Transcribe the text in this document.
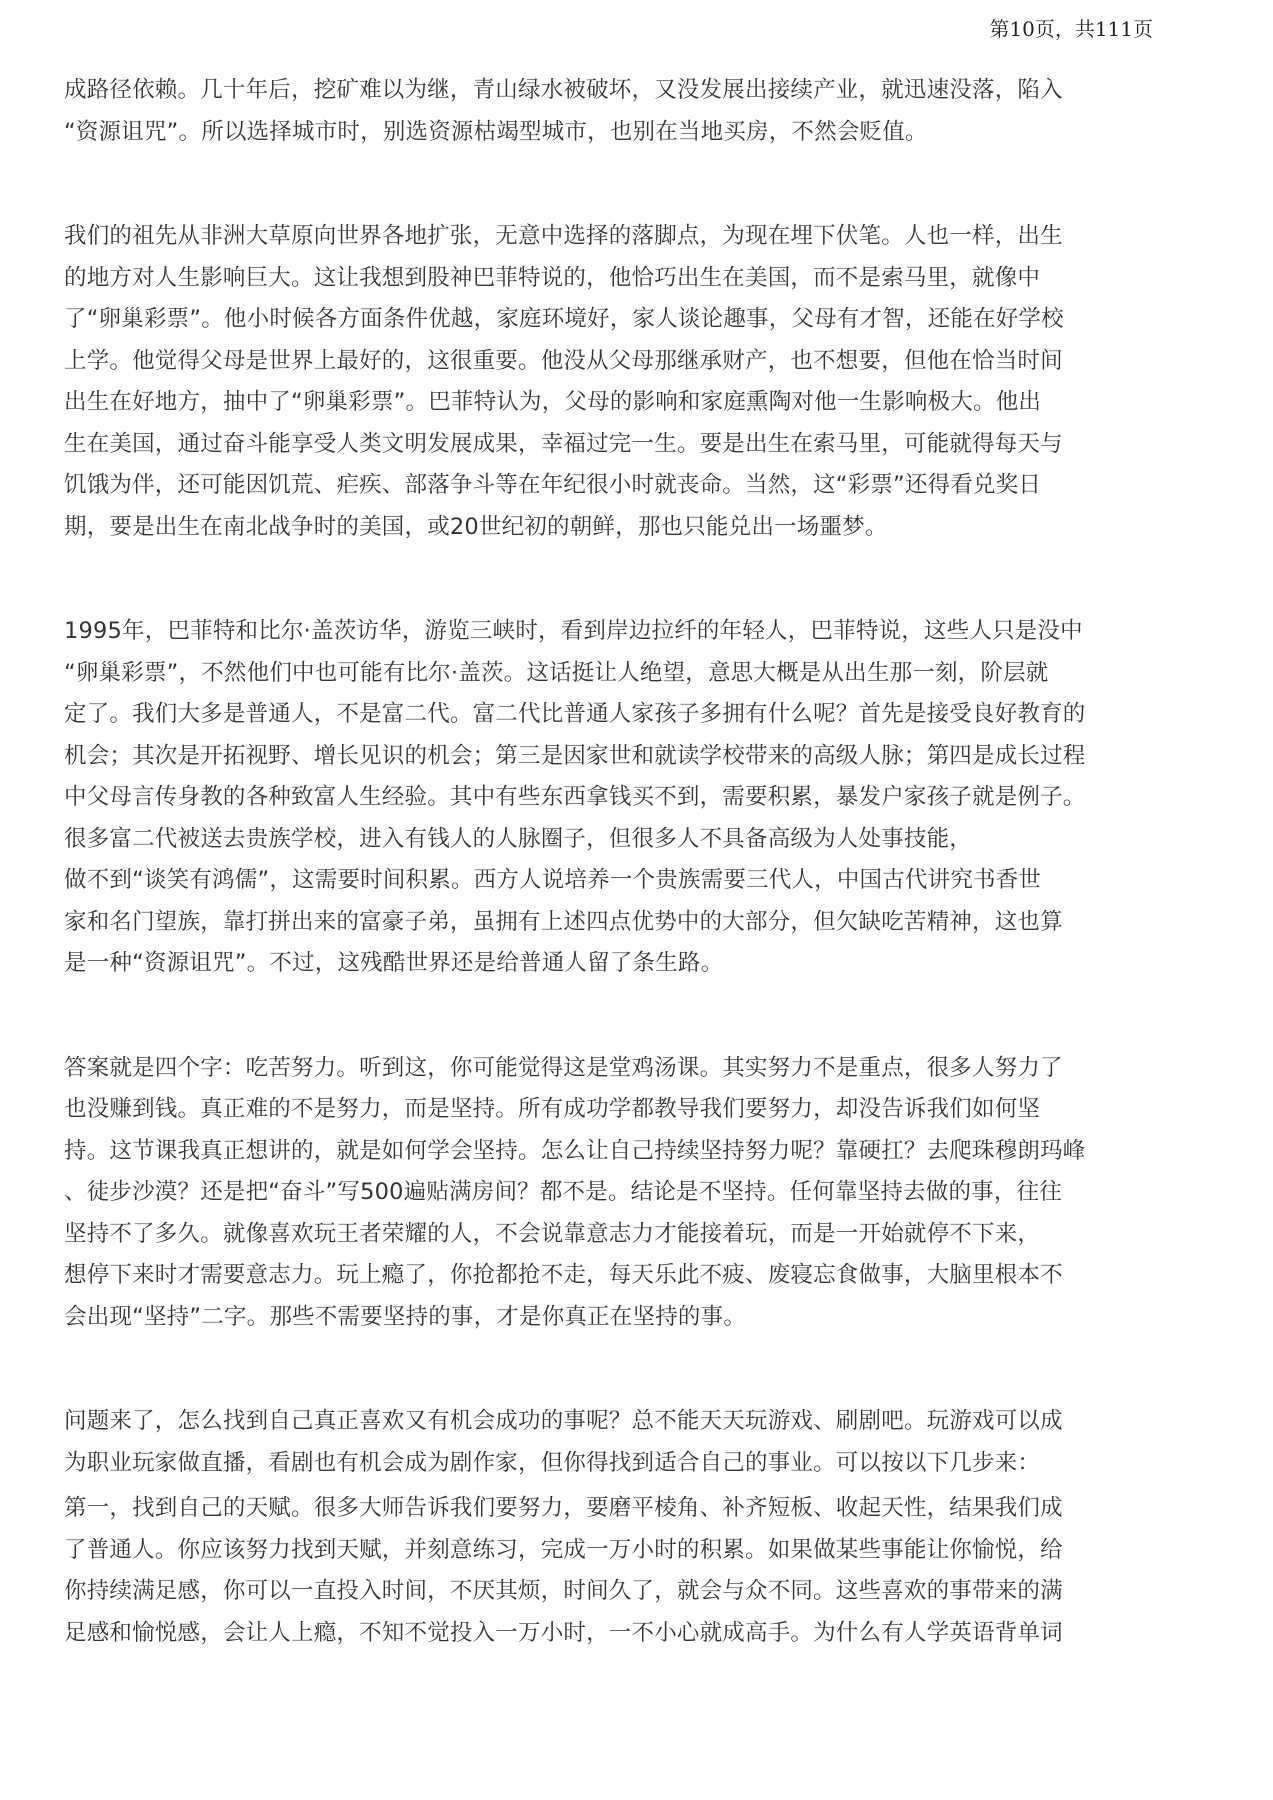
第10页，共111页

成路径依赖。几十年后，挖矿难以为继，青山绿水被破坏，又没发展出接续产业，就迅速没落，陷入
“资源诅咒”。所以选择城市时，别选资源枯竭型城市，也别在当地买房，不然会贬值。

我们的祖先从非洲大草原向世界各地扩张，无意中选择的落脚点，为现在埋下伏笔。人也一样，出生
的地方对人生影响巨大。这让我想到股神巴菲特说的，他恰巧出生在美国，而不是索马里，就像中
了“卵巢彩票”。他小时候各方面条件优越，家庭环境好，家人谈论趣事，父母有才智，还能在好学校
上学。他觉得父母是世界上最好的，这很重要。他没从父母那继承财产，也不想要，但他在恰当时间
出生在好地方，抽中了“卵巢彩票”。巴菲特认为，父母的影响和家庭熏陶对他一生影响极大。他出
生在美国，通过奋斗能享受人类文明发展成果，幸福过完一生。要是出生在索马里，可能就得每天与
饥饿为伴，还可能因饥荒、疟疾、部落争斗等在年纪很小时就丧命。当然，这“彩票”还得看兑奖日
期，要是出生在南北战争时的美国，或20世纪初的朝鲜，那也只能兑出一场噩梦。

1995年，巴菲特和比尔·盖茨访华，游览三峡时，看到岸边拉纤的年轻人，巴菲特说，这些人只是没中
“卵巢彩票”，不然他们中也可能有比尔·盖茨。这话挺让人绝望，意思大概是从出生那一刻，阶层就
定了。我们大多是普通人，不是富二代。富二代比普通人家孩子多拥有什么呢？首先是接受良好教育的
机会；其次是开拓视野、增长见识的机会；第三是因家世和就读学校带来的高级人脉；第四是成长过程
中父母言传身教的各种致富人生经验。其中有些东西拿钱买不到，需要积累，暴发户家孩子就是例子。
很多富二代被送去贵族学校，进入有钱人的人脉圈子，但很多人不具备高级为人处事技能，
做不到“谈笑有鸿儒”，这需要时间积累。西方人说培养一个贵族需要三代人，中国古代讲究书香世
家和名门望族，靠打拼出来的富豪子弟，虽拥有上述四点优势中的大部分，但欠缺吃苦精神，这也算
是一种“资源诅咒”。不过，这残酷世界还是给普通人留了条生路。

答案就是四个字：吃苦努力。听到这，你可能觉得这是堂鸡汤课。其实努力不是重点，很多人努力了
也没赚到钱。真正难的不是努力，而是坚持。所有成功学都教导我们要努力，却没告诉我们如何坚
持。这节课我真正想讲的，就是如何学会坚持。怎么让自己持续坚持努力呢？靠硬扛？去爬珠穆朗玛峰
、徒步沙漠？还是把“奋斗”写500遍贴满房间？都不是。结论是不坚持。任何靠坚持去做的事，往往
坚持不了多久。就像喜欢玩王者荣耀的人，不会说靠意志力才能接着玩，而是一开始就停不下来，
想停下来时才需要意志力。玩上瘾了，你抢都抢不走，每天乐此不疲、废寝忘食做事，大脑里根本不
会出现“坚持”二字。那些不需要坚持的事，才是你真正在坚持的事。

问题来了，怎么找到自己真正喜欢又有机会成功的事呢？总不能天天玩游戏、刷剧吧。玩游戏可以成
为职业玩家做直播，看剧也有机会成为剧作家，但你得找到适合自己的事业。可以按以下几步来：

第一，找到自己的天赋。很多大师告诉我们要努力，要磨平棱角、补齐短板、收起天性，结果我们成
了普通人。你应该努力找到天赋，并刻意练习，完成一万小时的积累。如果做某些事能让你愉悦，给
你持续满足感，你可以一直投入时间，不厌其烦，时间久了，就会与众不同。这些喜欢的事带来的满
足感和愉悦感，会让人上瘾，不知不觉投入一万小时，一不小心就成高手。为什么有人学英语背单词
